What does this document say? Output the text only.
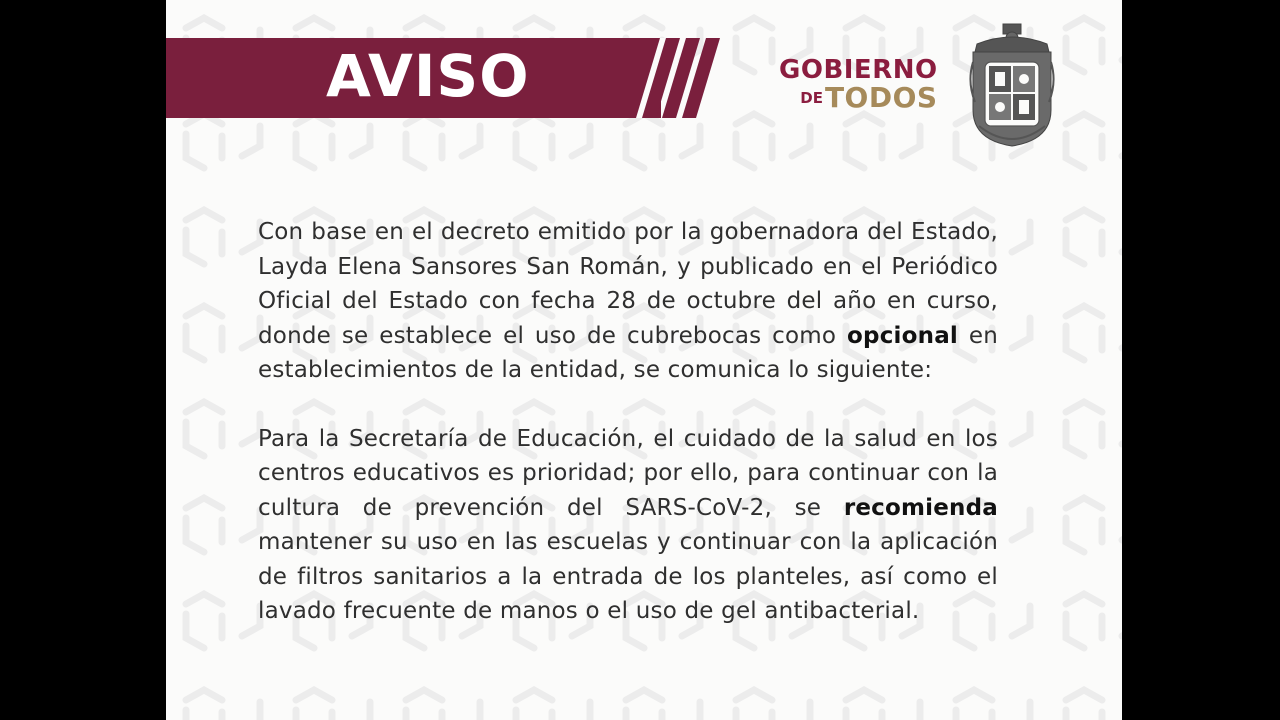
AVISO	GOBIERNO
$^{DE}$TODOS

Con base en el decreto emitido por la gobernadora del Estado, Layda Elena Sansores San Román, y publicado en el Periódico Oficial del Estado con fecha 28 de octubre del año en curso, donde se establece el uso de cubrebocas como opcional en establecimientos de la entidad, se comunica lo siguiente:

Para la Secretaría de Educación, el cuidado de la salud en los centros educativos es prioridad; por ello, para continuar con la cultura de prevención del SARS-CoV-2, se recomienda mantener su uso en las escuelas y continuar con la aplicación de filtros sanitarios a la entrada de los planteles, así como el lavado frecuente de manos o el uso de gel antibacterial.
